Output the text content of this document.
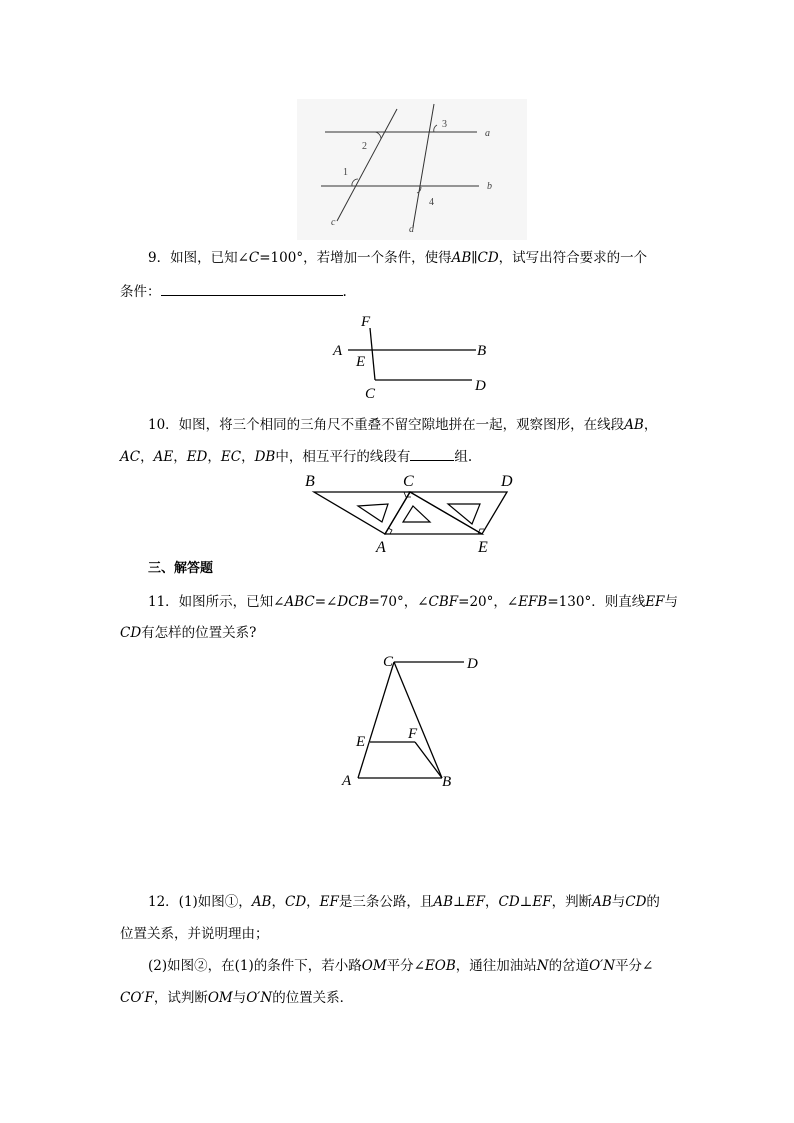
a
b
c
d
1
2
3
4
9．如图，已知∠C=100°，若增加一个条件，使得AB∥CD，试写出符合要求的一个
条件：	.
F
A
E
B
C	D
10．如图，将三个相同的三角尺不重叠不留空隙地拼在一起，观察图形，在线段AB，
AC，AE，ED，EC，DB中，相互平行的线段有	组.
B	C	D
A	E
三、解答题
11．如图所示，已知∠ABC=∠DCB=70°，∠CBF=20°，∠EFB=130°．则直线EF与
CD有怎样的位置关系?
C	D
E	F
A	B
12．(1)如图①，AB，CD，EF是三条公路，且AB⊥EF，CD⊥EF，判断AB与CD的
位置关系，并说明理由；
(2)如图②，在(1)的条件下，若小路OM平分∠EOB，通往加油站N的岔道O′N平分∠
CO′F，试判断OM与O′N的位置关系．
